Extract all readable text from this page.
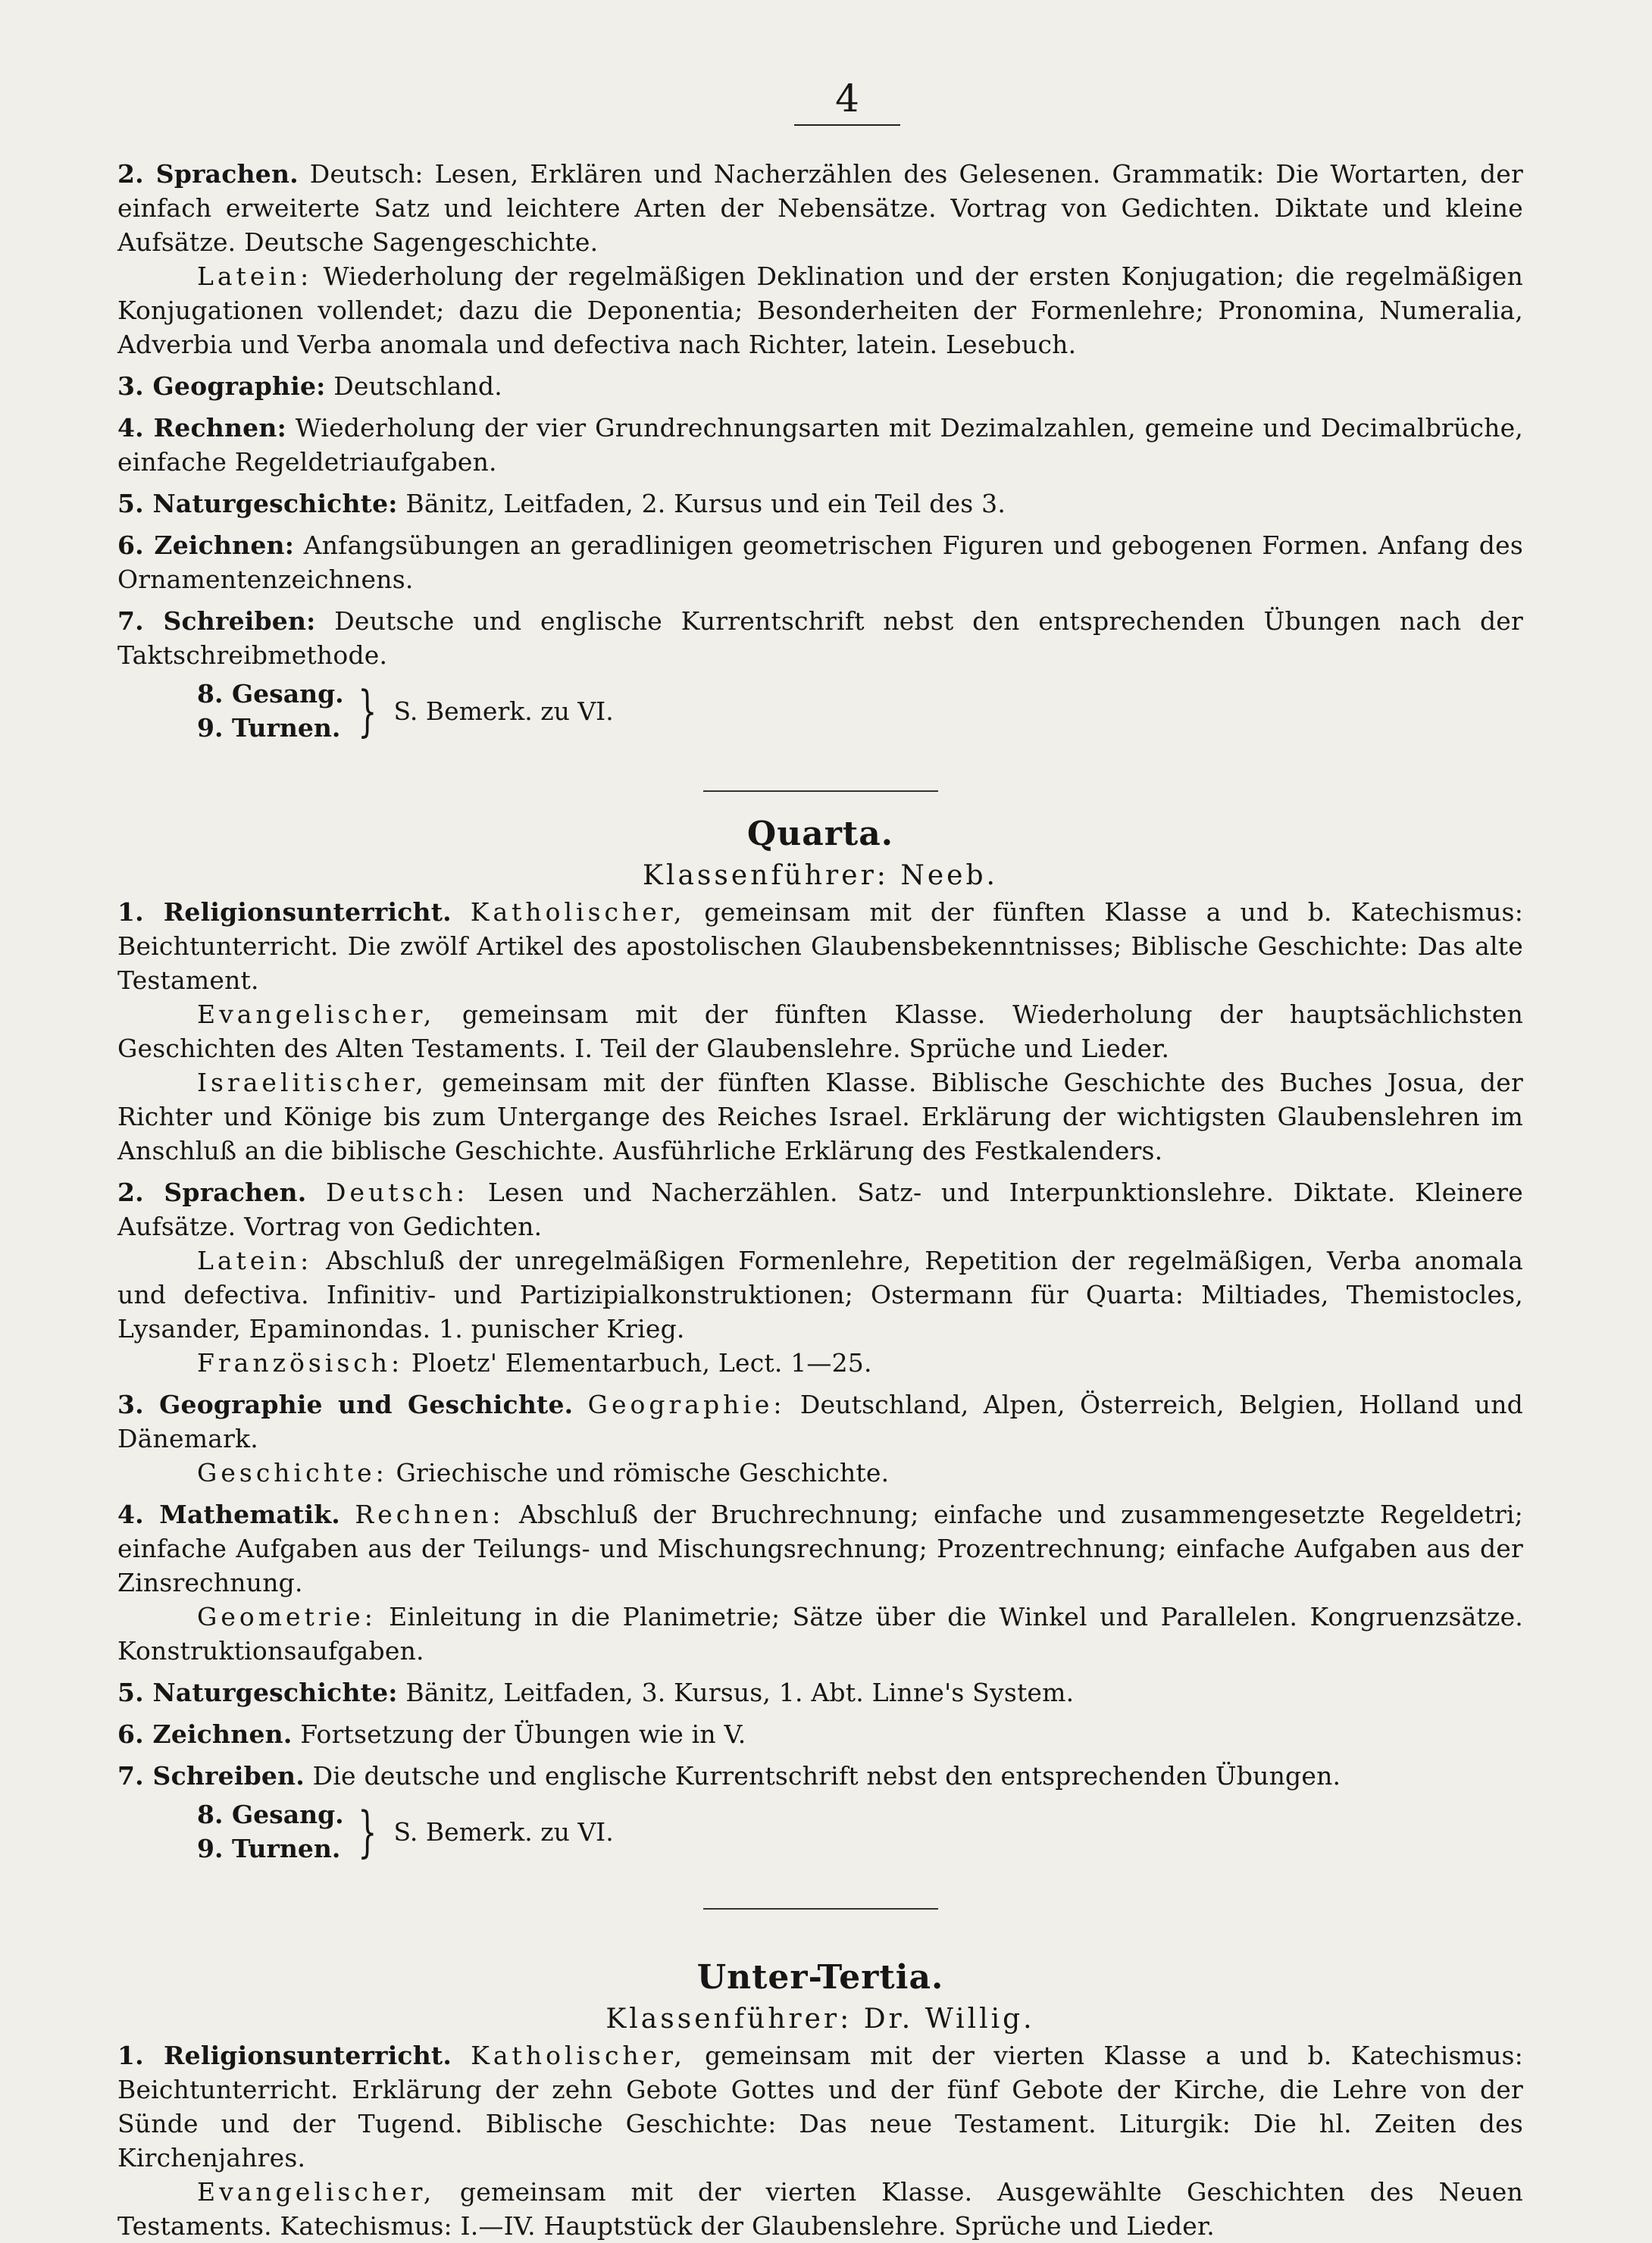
4

2. Sprachen. Deutsch: Lesen, Erklären und Nacherzählen des Gelesenen. Grammatik: Die Wortarten, der einfach erweiterte Satz und leichtere Arten der Nebensätze. Vortrag von Gedichten. Diktate und kleine Aufsätze. Deutsche Sagengeschichte.

Latein: Wiederholung der regelmäßigen Deklination und der ersten Konjugation; die regelmäßigen Konjugationen vollendet; dazu die Deponentia; Besonderheiten der Formenlehre; Pronomina, Numeralia, Adverbia und Verba anomala und defectiva nach Richter, latein. Lesebuch.

3. Geographie: Deutschland.

4. Rechnen: Wiederholung der vier Grundrechnungsarten mit Dezimalzahlen, gemeine und Decimalbrüche, einfache Regeldetriaufgaben.

5. Naturgeschichte: Bänitz, Leitfaden, 2. Kursus und ein Teil des 3.

6. Zeichnen: Anfangsübungen an geradlinigen geometrischen Figuren und gebogenen Formen. Anfang des Ornamentenzeichnens.

7. Schreiben: Deutsche und englische Kurrentschrift nebst den entsprechenden Übungen nach der Taktschreibmethode.

8. Gesang.
9. Turnen. } S. Bemerk. zu VI.
Quarta.
Klassenführer: Neeb.

1. Religionsunterricht. Katholischer, gemeinsam mit der fünften Klasse a und b. Katechismus: Beichtunterricht. Die zwölf Artikel des apostolischen Glaubensbekenntnisses; Biblische Geschichte: Das alte Testament.

Evangelischer, gemeinsam mit der fünften Klasse. Wiederholung der hauptsächlichsten Geschichten des Alten Testaments. I. Teil der Glaubenslehre. Sprüche und Lieder.

Israelitischer, gemeinsam mit der fünften Klasse. Biblische Geschichte des Buches Josua, der Richter und Könige bis zum Untergange des Reiches Israel. Erklärung der wichtigsten Glaubenslehren im Anschluß an die biblische Geschichte. Ausführliche Erklärung des Festkalenders.

2. Sprachen. Deutsch: Lesen und Nacherzählen. Satz- und Interpunktionslehre. Diktate. Kleinere Aufsätze. Vortrag von Gedichten.

Latein: Abschluß der unregelmäßigen Formenlehre, Repetition der regelmäßigen, Verba anomala und defectiva. Infinitiv- und Partizipialkonstruktionen; Ostermann für Quarta: Miltiades, Themistocles, Lysander, Epaminondas. 1. punischer Krieg.

Französisch: Ploetz' Elementarbuch, Lect. 1—25.

3. Geographie und Geschichte. Geographie: Deutschland, Alpen, Österreich, Belgien, Holland und Dänemark.

Geschichte: Griechische und römische Geschichte.

4. Mathematik. Rechnen: Abschluß der Bruchrechnung; einfache und zusammengesetzte Regeldetri; einfache Aufgaben aus der Teilungs- und Mischungsrechnung; Prozentrechnung; einfache Aufgaben aus der Zinsrechnung.

Geometrie: Einleitung in die Planimetrie; Sätze über die Winkel und Parallelen. Kongruenzsätze. Konstruktionsaufgaben.

5. Naturgeschichte: Bänitz, Leitfaden, 3. Kursus, 1. Abt. Linne's System.

6. Zeichnen. Fortsetzung der Übungen wie in V.

7. Schreiben. Die deutsche und englische Kurrentschrift nebst den entsprechenden Übungen.

8. Gesang.
9. Turnen. } S. Bemerk. zu VI.
Unter-Tertia.
Klassenführer: Dr. Willig.

1. Religionsunterricht. Katholischer, gemeinsam mit der vierten Klasse a und b. Katechismus: Beichtunterricht. Erklärung der zehn Gebote Gottes und der fünf Gebote der Kirche, die Lehre von der Sünde und der Tugend. Biblische Geschichte: Das neue Testament. Liturgik: Die hl. Zeiten des Kirchenjahres.

Evangelischer, gemeinsam mit der vierten Klasse. Ausgewählte Geschichten des Neuen Testaments. Katechismus: I.—IV. Hauptstück der Glaubenslehre. Sprüche und Lieder.
